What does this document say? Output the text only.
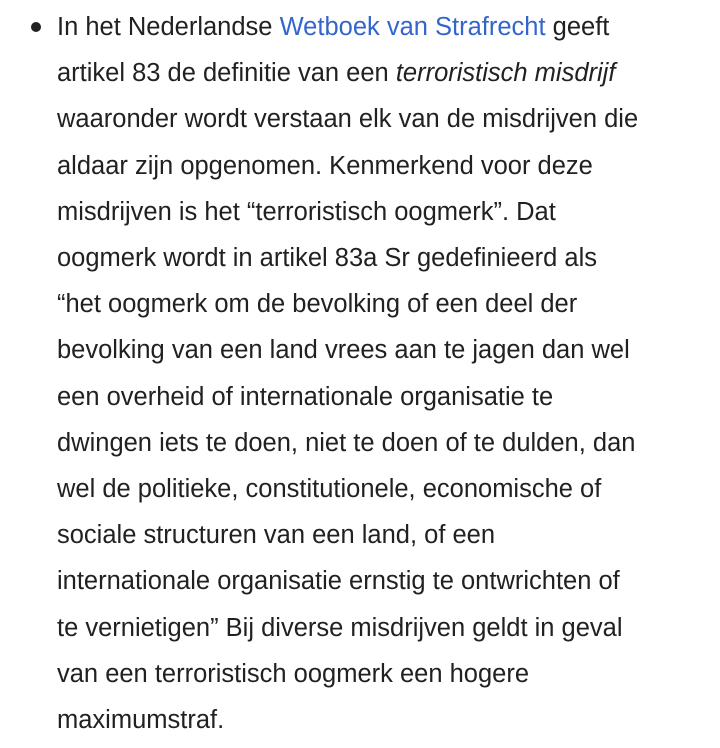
In het Nederlandse Wetboek van Strafrecht geeft
artikel 83 de definitie van een terroristisch misdrijf
waaronder wordt verstaan elk van de misdrijven die
aldaar zijn opgenomen. Kenmerkend voor deze
misdrijven is het “terroristisch oogmerk”. Dat
oogmerk wordt in artikel 83a Sr gedefinieerd als
“het oogmerk om de bevolking of een deel der
bevolking van een land vrees aan te jagen dan wel
een overheid of internationale organisatie te
dwingen iets te doen, niet te doen of te dulden, dan
wel de politieke, constitutionele, economische of
sociale structuren van een land, of een
internationale organisatie ernstig te ontwrichten of
te vernietigen” Bij diverse misdrijven geldt in geval
van een terroristisch oogmerk een hogere
maximumstraf.
